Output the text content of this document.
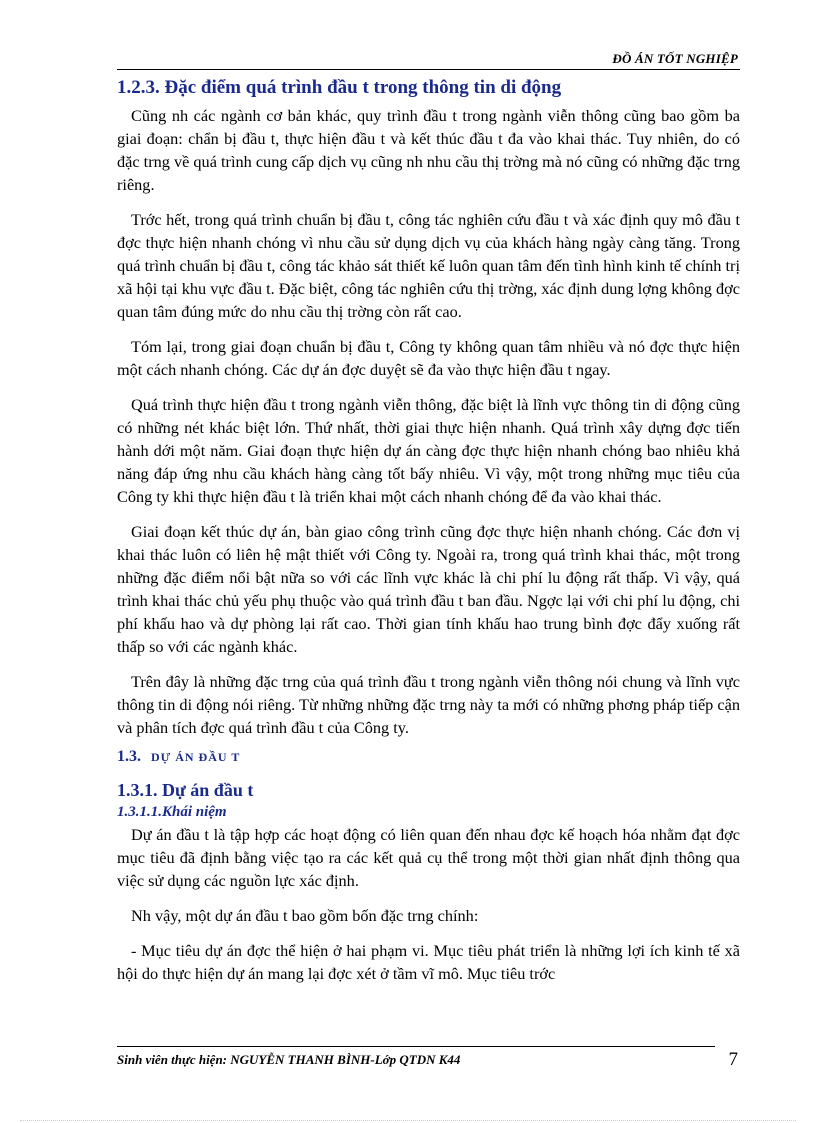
ĐỒ ÁN TỐT NGHIỆP
1.2.3. Đặc điểm quá trình đầu t trong thông tin di động

Cũng nh các ngành cơ bản khác, quy trình đầu t trong ngành viễn thông cũng bao gồm ba giai đoạn: chẩn bị đầu t, thực hiện đầu t và kết thúc đầu t đa vào khai thác. Tuy nhiên, do có đặc trng về quá trình cung cấp dịch vụ cũng nh nhu cầu thị trờng mà nó cũng có những đặc trng riêng.

Trớc hết, trong quá trình chuẩn bị đầu t, công tác nghiên cứu đầu t và xác định quy mô đầu t đợc thực hiện nhanh chóng vì nhu cầu sử dụng dịch vụ của khách hàng ngày càng tăng. Trong quá trình chuẩn bị đầu t, công tác khảo sát thiết kế luôn quan tâm đến tình hình kinh tế chính trị xã hội tại khu vực đầu t. Đặc biệt, công tác nghiên cứu thị trờng, xác định dung lợng không đợc quan tâm đúng mức do nhu cầu thị trờng còn rất cao.

Tóm lại, trong giai đoạn chuẩn bị đầu t, Công ty không quan tâm nhiều và nó đợc thực hiện một cách nhanh chóng. Các dự án đợc duyệt sẽ đa vào thực hiện đầu t ngay.

Quá trình thực hiện đầu t trong ngành viễn thông, đặc biệt là lĩnh vực thông tin di động cũng có những nét khác biệt lớn. Thứ nhất, thời giai thực hiện nhanh. Quá trình xây dựng đợc tiến hành dới một năm. Giai đoạn thực hiện dự án càng đợc thực hiện nhanh chóng bao nhiêu khả năng đáp ứng nhu cầu khách hàng càng tốt bấy nhiêu. Vì vậy, một trong những mục tiêu của Công ty khi thực hiện đầu t là triển khai một cách nhanh chóng để đa vào khai thác.

Giai đoạn kết thúc dự án, bàn giao công trình cũng đợc thực hiện nhanh chóng. Các đơn vị khai thác luôn có liên hệ mật thiết với Công ty. Ngoài ra, trong quá trình khai thác, một trong những đặc điểm nổi bật nữa so với các lĩnh vực khác là chi phí lu động rất thấp. Vì vậy, quá trình khai thác chủ yếu phụ thuộc vào quá trình đầu t ban đầu. Ngợc lại với chi phí lu động, chi phí khấu hao và dự phòng lại rất cao. Thời gian tính khấu hao trung bình đợc đẩy xuống rất thấp so với các ngành khác.

Trên đây là những đặc trng của quá trình đầu t trong ngành viễn thông nói chung và lĩnh vực thông tin di động nói riêng. Từ những những đặc trng này ta mới có những phơng pháp tiếp cận và phân tích đợc quá trình đầu t của Công ty.

1.3. DỰ ÁN ĐẦU T
1.3.1. Dự án đầu t
1.3.1.1.Khái niệm

Dự án đầu t là tập hợp các hoạt động có liên quan đến nhau đợc kế hoạch hóa nhằm đạt đợc mục tiêu đã định bằng việc tạo ra các kết quả cụ thể trong một thời gian nhất định thông qua việc sử dụng các nguồn lực xác định.

Nh vậy, một dự án đầu t bao gồm bốn đặc trng chính:

- Mục tiêu dự án đợc thể hiện ở hai phạm vi. Mục tiêu phát triển là những lợi ích kinh tế xã hội do thực hiện dự án mang lại đợc xét ở tầm vĩ mô. Mục tiêu trớc

Sinh viên thực hiện: NGUYỄN THANH BÌNH-Lớp QTDN K44	7
